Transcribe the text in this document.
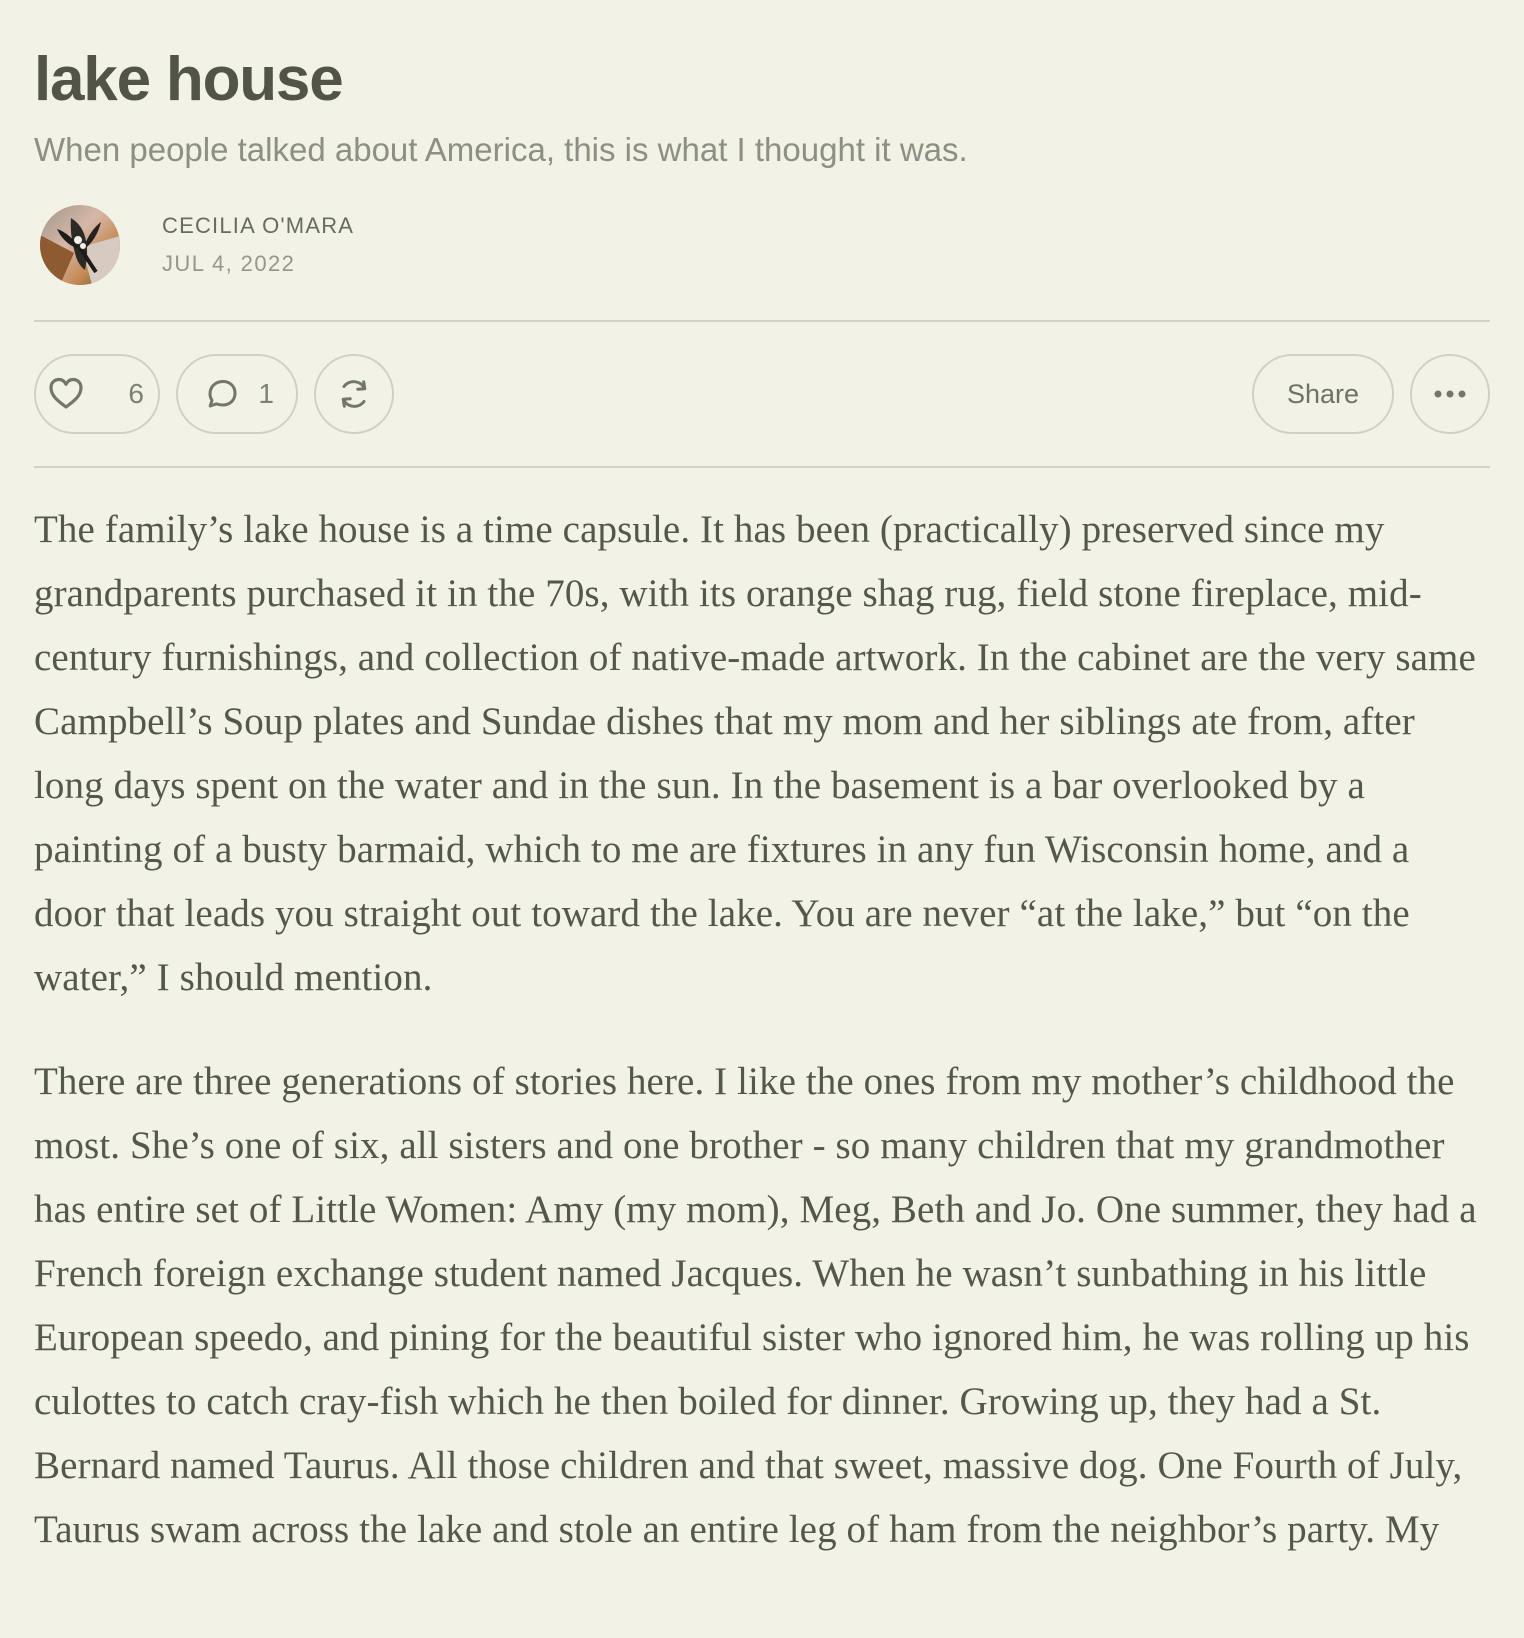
lake house
When people talked about America, this is what I thought it was.
CECILIA O'MARA
JUL 4, 2022
6	1	Share

The family’s lake house is a time capsule. It has been (practically) preserved since my grandparents purchased it in the 70s, with its orange shag rug, field stone fireplace, mid-century furnishings, and collection of native-made artwork. In the cabinet are the very same Campbell’s Soup plates and Sundae dishes that my mom and her siblings ate from, after long days spent on the water and in the sun. In the basement is a bar overlooked by a painting of a busty barmaid, which to me are fixtures in any fun Wisconsin home, and a door that leads you straight out toward the lake. You are never “at the lake,” but “on the water,” I should mention.

There are three generations of stories here. I like the ones from my mother’s childhood the most. She’s one of six, all sisters and one brother - so many children that my grandmother has entire set of Little Women: Amy (my mom), Meg, Beth and Jo. One summer, they had a French foreign exchange student named Jacques. When he wasn’t sunbathing in his little European speedo, and pining for the beautiful sister who ignored him, he was rolling up his culottes to catch cray-fish which he then boiled for dinner. Growing up, they had a St. Bernard named Taurus. All those children and that sweet, massive dog. One Fourth of July, Taurus swam across the lake and stole an entire leg of ham from the neighbor’s party. My
